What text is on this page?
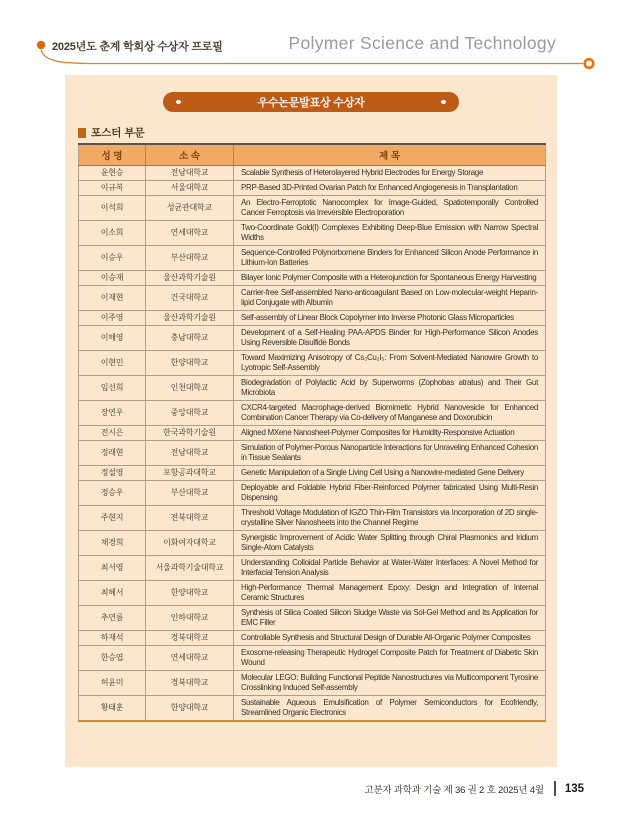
2025년도 춘계 학회상 수상자 프로필	Polymer Science and Technology
우수논문발표상 수상자
포스터 부문
성 명	소 속	제 목
윤현승	전남대학교	Scalable Synthesis of Heterolayered Hybrid Electrodes for Energy Storage
이규복	서울대학교	PRP-Based 3D-Printed Ovarian Patch for Enhanced Angiogenesis in Transplantation
이석희	성균관대학교	An Electro-Ferroptotic Nanocomplex for Image-Guided, Spatiotemporally Controlled Cancer Ferroptosis via Irreversible Electroporation
이소희	연세대학교	Two-Coordinate Gold(I) Complexes Exhibiting Deep-Blue Emission with Narrow Spectral Widths
이승우	부산대학교	Sequence-Controlled Polynorbornene Binders for Enhanced Silicon Anode Performance in Lithium-Ion Batteries
이승재	울산과학기술원	Bilayer Ionic Polymer Composite with a Heterojunction for Spontaneous Energy Harvesting
이재현	건국대학교	Carrier-free Self-assembled Nano-anticoagulant Based on Low-molecular-weight Heparin-lipid Conjugate with Albumin
이주영	울산과학기술원	Self-assembly of Linear Block Copolymer into Inverse Photonic Glass Microparticles
이해영	충남대학교	Development of a Self-Healing PAA-APDS Binder for High-Performance Silicon Anodes Using Reversible Disulfide Bonds
이현민	한양대학교	Toward Maximizing Anisotropy of Cs₃Cu₂I₅: From Solvent-Mediated Nanowire Growth to Lyotropic Self-Assembly
임선희	인천대학교	Biodegradation of Polylactic Acid by Superworms (Zophobas atratus) and Their Gut Microbiota
장연우	중앙대학교	CXCR4-targeted Macrophage-derived Biomimetic Hybrid Nanovesicle for Enhanced Combination Cancer Therapy via Co-delivery of Manganese and Doxorubicin
전시은	한국과학기술원	Aligned MXene Nanosheet-Polymer Composites for Humidity-Responsive Actuation
정래현	전남대학교	Simulation of Polymer-Porous Nanoparticle Interactions for Unraveling Enhanced Cohesion in Tissue Sealants
정설영	포항공과대학교	Genetic Manipulation of a Single Living Cell Using a Nanowire-mediated Gene Delivery
정승우	부산대학교	Deployable and Foldable Hybrid Fiber-Reinforced Polymer fabricated Using Multi-Resin Dispensing
주현지	전북대학교	Threshold Voltage Modulation of IGZO Thin-Film Transistors via Incorporation of 2D single-crystalline Silver Nanosheets into the Channel Regime
채경희	이화여자대학교	Synergistic Improvement of Acidic Water Splitting through Chiral Plasmonics and Iridium Single-Atom Catalysts
최서영	서울과학기술대학교	Understanding Colloidal Particle Behavior at Water-Water Interfaces: A Novel Method for Interfacial Tension Analysis
최혜서	한양대학교	High-Performance Thermal Management Epoxy: Design and Integration of Internal Ceramic Structures
추연름	인하대학교	Synthesis of Silica Coated Silicon Sludge Waste via Sol-Gel Method and Its Application for EMC Filler
하재석	경북대학교	Controllable Synthesis and Structural Design of Durable All-Organic Polymer Composites
한승엽	연세대학교	Exosome-releasing Therapeutic Hydrogel Composite Patch for Treatment of Diabetic Skin Wound
허윤미	경북대학교	Molecular LEGO: Building Functional Peptide Nanostructures via Multicomponent Tyrosine Crosslinking Induced Self-assembly
황태훈	한양대학교	Sustainable Aqueous Emulsification of Polymer Semiconductors for Ecofriendly, Streamlined Organic Electronics
고분자 과학과 기술 제 36 권 2 호 2025년 4월 135
